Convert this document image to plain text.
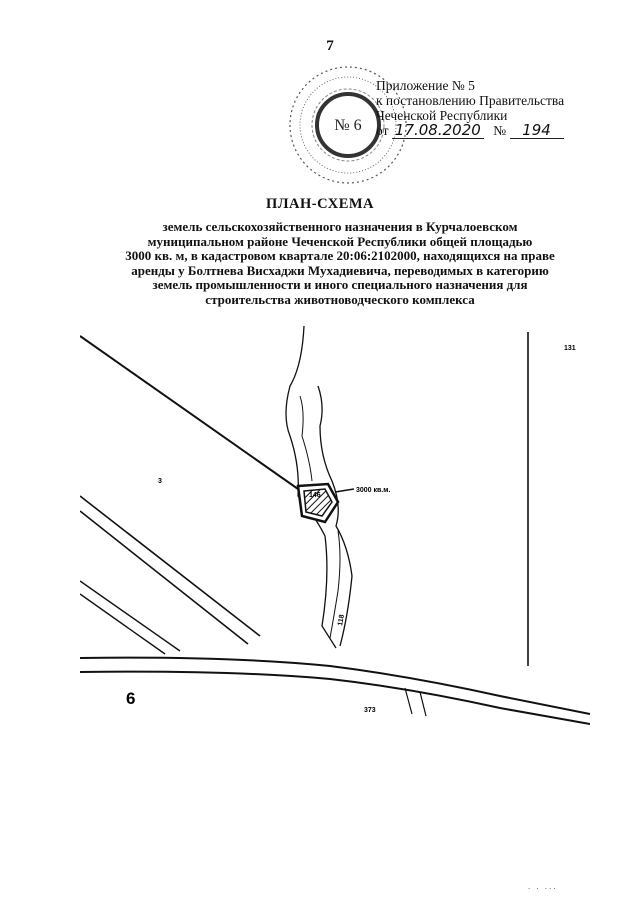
7
№ 6
Приложение № 5
к постановлению Правительства
Чеченской Республики
от 17.08.2020 № 194
ПЛАН-СХЕМА
земель сельскохозяйственного назначения в Курчалоевском
муниципальном районе Чеченской Республики общей площадью
3000 кв. м, в кадастровом квартале 20:06:2102000, находящихся на праве
аренды у Болтнева Висхаджи Мухадиевича, переводимых в категорию
земель промышленности и иного специального назначения для
строительства животноводческого комплекса
3000 кв.м.
146
3
131
118
373
6
. . ...
